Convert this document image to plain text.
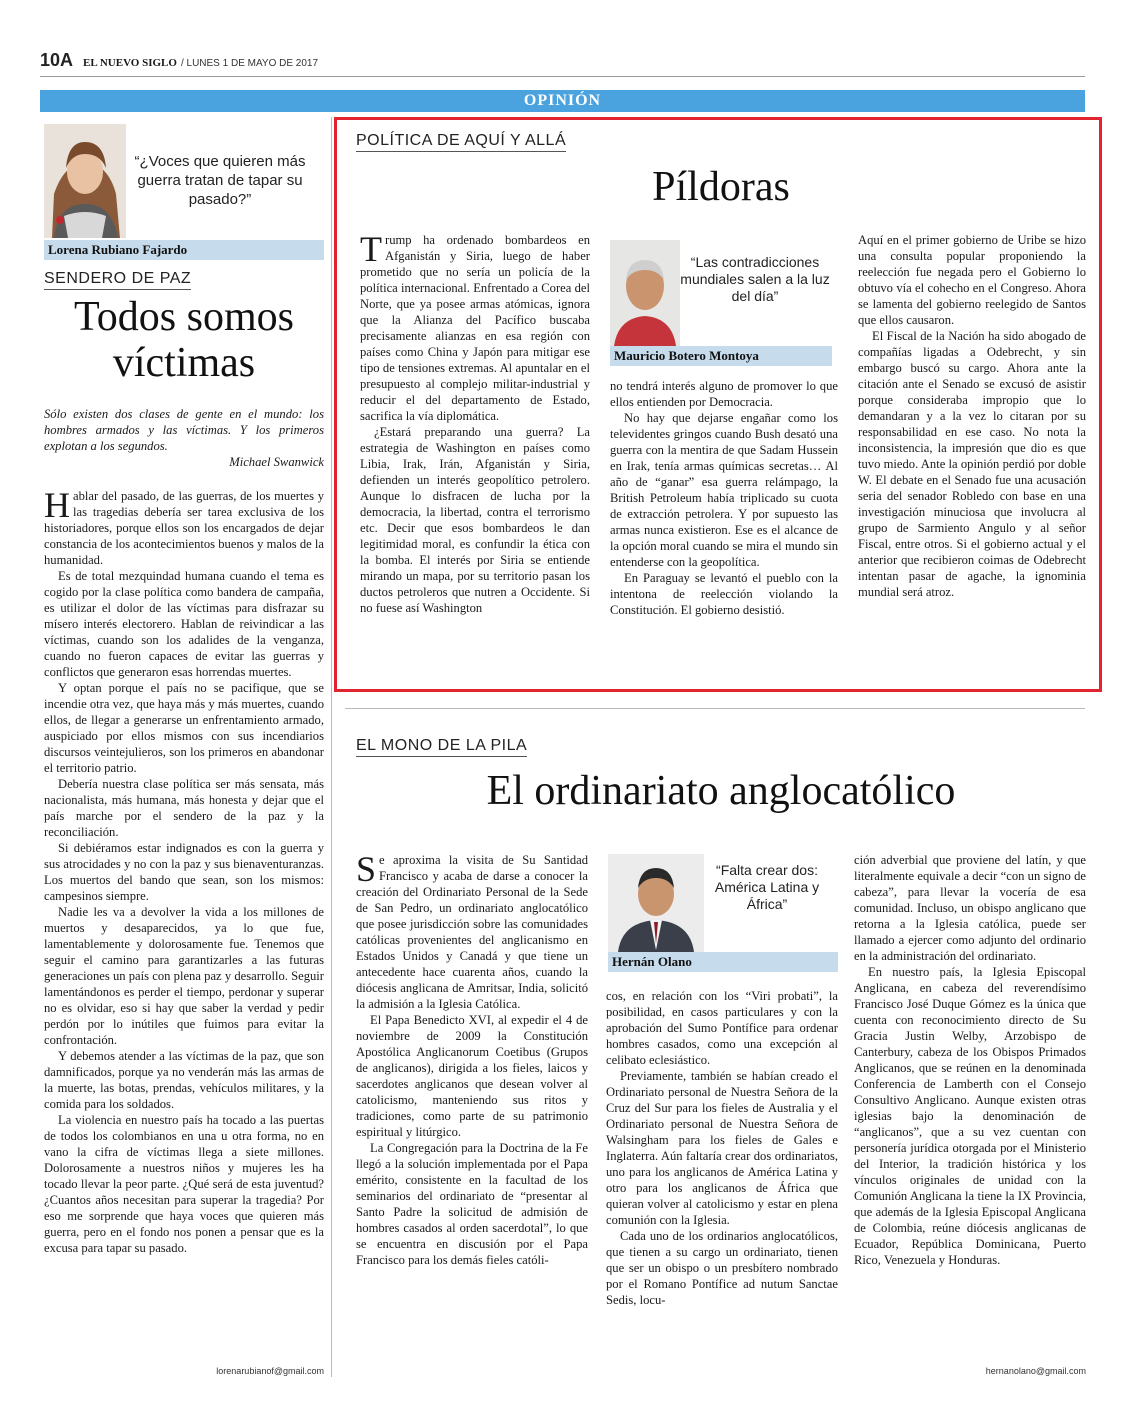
10A EL NUEVO SIGLO / LUNES 1 DE MAYO DE 2017
OPINIÓN
“¿Voces que quieren más guerra tratan de tapar su pasado?”
Lorena Rubiano Fajardo
SENDERO DE PAZ
Todos somos víctimas
Sólo existen dos clases de gente en el mundo: los hombres armados y las víctimas. Y los primeros explotan a los segundos.
Michael Swanwick

Hablar del pasado, de las guerras, de los muertes y las tragedias debería ser tarea exclusiva de los historiadores, porque ellos son los encargados de dejar constancia de los acontecimientos buenos y malos de la humanidad.

Es de total mezquindad humana cuando el tema es cogido por la clase política como bandera de campaña, es utilizar el dolor de las víctimas para disfrazar su mísero interés electorero. Hablan de reivindicar a las víctimas, cuando son los adalides de la venganza, cuando no fueron capaces de evitar las guerras y conflictos que generaron esas horrendas muertes.

Y optan porque el país no se pacifique, que se incendie otra vez, que haya más y más muertes, cuando ellos, de llegar a generarse un enfrentamiento armado, auspiciado por ellos mismos con sus incendiarios discursos veintejulieros, son los primeros en abandonar el territorio patrio.

Debería nuestra clase política ser más sensata, más nacionalista, más humana, más honesta y dejar que el país marche por el sendero de la paz y la reconciliación.

Si debiéramos estar indignados es con la guerra y sus atrocidades y no con la paz y sus bienaventuranzas. Los muertos del bando que sean, son los mismos: campesinos siempre.

Nadie les va a devolver la vida a los millones de muertos y desaparecidos, ya lo que fue, lamentablemente y dolorosamente fue. Tenemos que seguir el camino para garantizarles a las futuras generaciones un país con plena paz y desarrollo. Seguir lamentándonos es perder el tiempo, perdonar y superar no es olvidar, eso si hay que saber la verdad y pedir perdón por lo inútiles que fuimos para evitar la confrontación.

Y debemos atender a las víctimas de la paz, que son damnificados, porque ya no venderán más las armas de la muerte, las botas, prendas, vehículos militares, y la comida para los soldados.

La violencia en nuestro país ha tocado a las puertas de todos los colombianos en una u otra forma, no en vano la cifra de víctimas llega a siete millones. Dolorosamente a nuestros niños y mujeres les ha tocado llevar la peor parte. ¿Qué será de esta juventud? ¿Cuantos años necesitan para superar la tragedia? Por eso me sorprende que haya voces que quieren más guerra, pero en el fondo nos ponen a pensar que es la excusa para tapar su pasado.

lorenarubianof@gmail.com
POLÍTICA DE AQUÍ Y ALLÁ
Píldoras

Trump ha ordenado bombardeos en Afganistán y Siria, luego de haber prometido que no sería un policía de la política internacional. Enfrentado a Corea del Norte, que ya posee armas atómicas, ignora que la Alianza del Pacífico buscaba precisamente alianzas en esa región con países como China y Japón para mitigar ese tipo de tensiones extremas. Al apuntalar en el presupuesto al complejo militar-industrial y reducir el del departamento de Estado, sacrifica la vía diplomática.

¿Estará preparando una guerra? La estrategia de Washington en países como Libia, Irak, Irán, Afganistán y Siria, defienden un interés geopolítico petrolero. Aunque lo disfracen de lucha por la democracia, la libertad, contra el terrorismo etc. Decir que esos bombardeos le dan legitimidad moral, es confundir la ética con la bomba. El interés por Siria se entiende mirando un mapa, por su territorio pasan los ductos petroleros que nutren a Occidente. Si no fuese así Washington

“Las contradicciones mundiales salen a la luz del día”
Mauricio Botero Montoya

no tendrá interés alguno de promover lo que ellos entienden por Democracia.

No hay que dejarse engañar como los televidentes gringos cuando Bush desató una guerra con la mentira de que Sadam Hussein en Irak, tenía armas químicas secretas… Al año de “ganar” esa guerra relámpago, la British Petroleum había triplicado su cuota de extracción petrolera. Y por supuesto las armas nunca existieron. Ese es el alcance de la opción moral cuando se mira el mundo sin entenderse con la geopolítica.

En Paraguay se levantó el pueblo con la intentona de reelección violando la Constitución. El gobierno desistió.

Aquí en el primer gobierno de Uribe se hizo una consulta popular proponiendo la reelección fue negada pero el Gobierno lo obtuvo vía el cohecho en el Congreso. Ahora se lamenta del gobierno reelegido de Santos que ellos causaron.

El Fiscal de la Nación ha sido abogado de compañías ligadas a Odebrecht, y sin embargo buscó su cargo. Ahora ante la citación ante el Senado se excusó de asistir porque consideraba impropio que lo demandaran y a la vez lo citaran por su responsabilidad en ese caso. No nota la inconsistencia, la impresión que dio es que tuvo miedo. Ante la opinión perdió por doble W. El debate en el Senado fue una acusación seria del senador Robledo con base en una investigación minuciosa que involucra al grupo de Sarmiento Angulo y al señor Fiscal, entre otros. Si el gobierno actual y el anterior que recibieron coimas de Odebrecht intentan pasar de agache, la ignominia mundial será atroz.

EL MONO DE LA PILA
El ordinariato anglocatólico

Se aproxima la visita de Su Santidad Francisco y acaba de darse a conocer la creación del Ordinariato Personal de la Sede de San Pedro, un ordinariato anglocatólico que posee jurisdicción sobre las comunidades católicas provenientes del anglicanismo en Estados Unidos y Canadá y que tiene un antecedente hace cuarenta años, cuando la diócesis anglicana de Amritsar, India, solicitó la admisión a la Iglesia Católica.

El Papa Benedicto XVI, al expedir el 4 de noviembre de 2009 la Constitución Apostólica Anglicanorum Coetibus (Grupos de anglicanos), dirigida a los fieles, laicos y sacerdotes anglicanos que desean volver al catolicismo, manteniendo sus ritos y tradiciones, como parte de su patrimonio espiritual y litúrgico.

La Congregación para la Doctrina de la Fe llegó a la solución implementada por el Papa emérito, consistente en la facultad de los seminarios del ordinariato de “presentar al Santo Padre la solicitud de admisión de hombres casados al orden sacerdotal”, lo que se encuentra en discusión por el Papa Francisco para los demás fieles católi-

“Falta crear dos: América Latina y África”
Hernán Olano

cos, en relación con los “Viri probati”, la posibilidad, en casos particulares y con la aprobación del Sumo Pontífice para ordenar hombres casados, como una excepción al celibato eclesiástico.

Previamente, también se habían creado el Ordinariato personal de Nuestra Señora de la Cruz del Sur para los fieles de Australia y el Ordinariato personal de Nuestra Señora de Walsingham para los fieles de Gales e Inglaterra. Aún faltaría crear dos ordinariatos, uno para los anglicanos de América Latina y otro para los anglicanos de África que quieran volver al catolicismo y estar en plena comunión con la Iglesia.

Cada uno de los ordinarios anglocatólicos, que tienen a su cargo un ordinariato, tienen que ser un obispo o un presbítero nombrado por el Romano Pontífice ad nutum Sanctae Sedis, locu-

ción adverbial que proviene del latín, y que literalmente equivale a decir “con un signo de cabeza”, para llevar la vocería de esa comunidad. Incluso, un obispo anglicano que retorna a la Iglesia católica, puede ser llamado a ejercer como adjunto del ordinario en la administración del ordinariato.

En nuestro país, la Iglesia Episcopal Anglicana, en cabeza del reverendísimo Francisco José Duque Gómez es la única que cuenta con reconocimiento directo de Su Gracia Justin Welby, Arzobispo de Canterbury, cabeza de los Obispos Primados Anglicanos, que se reúnen en la denominada Conferencia de Lamberth con el Consejo Consultivo Anglicano. Aunque existen otras iglesias bajo la denominación de “anglicanos”, que a su vez cuentan con personería jurídica otorgada por el Ministerio del Interior, la tradición histórica y los vínculos originales de unidad con la Comunión Anglicana la tiene la IX Provincia, que además de la Iglesia Episcopal Anglicana de Colombia, reúne diócesis anglicanas de Ecuador, República Dominicana, Puerto Rico, Venezuela y Honduras.

hernanolano@gmail.com
